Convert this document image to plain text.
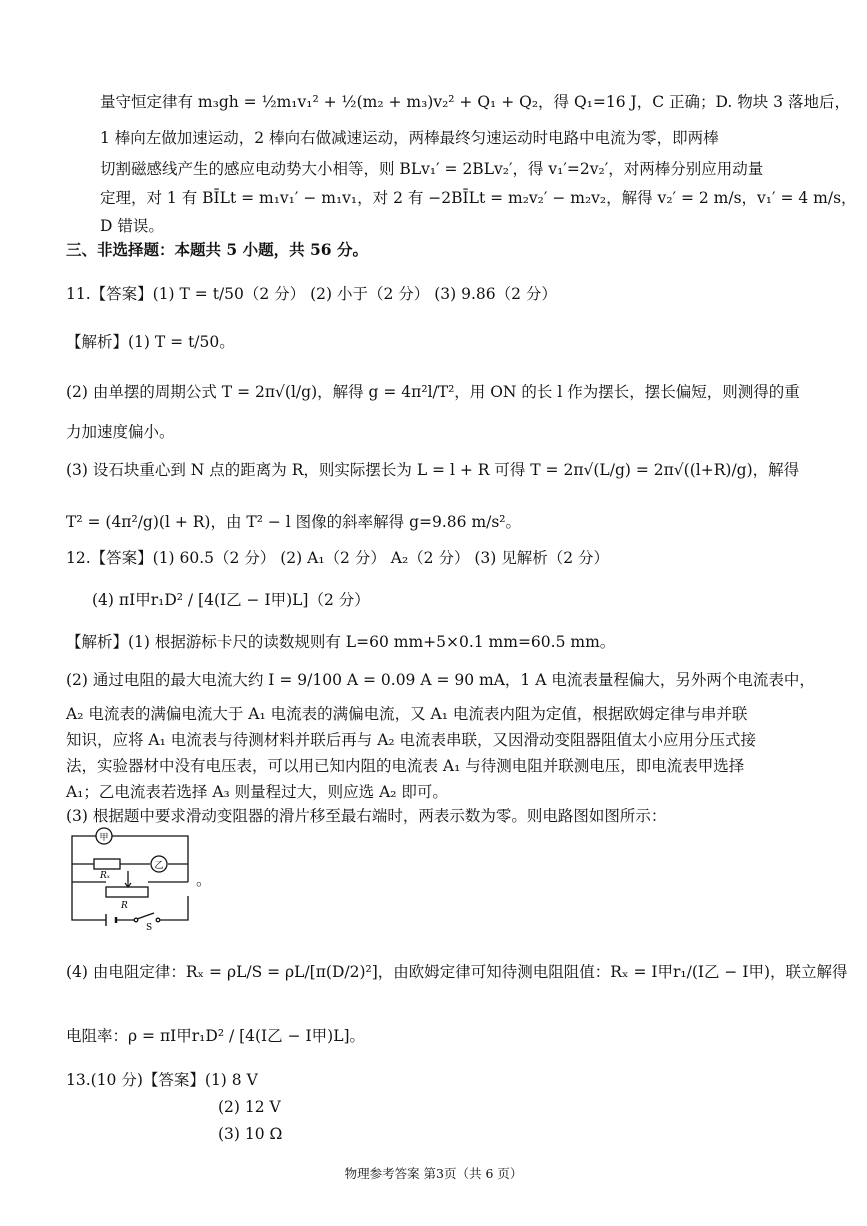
量守恒定律有 m₃gh = ½m₁v₁² + ½(m₂ + m₃)v₂² + Q₁ + Q₂，得 Q₁=16 J，C 正确；D. 物块 3 落地后，
1 棒向左做加速运动，2 棒向右做减速运动，两棒最终匀速运动时电路中电流为零，即两棒
切割磁感线产生的感应电动势大小相等，则 BLv₁′ = 2BLv₂′，得 v₁′=2v₂′，对两棒分别应用动量
定理，对 1 有 BĪLt = m₁v₁′ − m₁v₁，对 2 有 −2BĪLt = m₂v₂′ − m₂v₂，解得 v₂′ = 2 m/s，v₁′ = 4 m/s，
D 错误。
三、非选择题：本题共 5 小题，共 56 分。
11.【答案】(1) T = t/50（2 分） (2) 小于（2 分） (3) 9.86（2 分）
【解析】(1) T = t/50。
(2) 由单摆的周期公式 T = 2π√(l/g)，解得 g = 4π²l/T²，用 ON 的长 l 作为摆长，摆长偏短，则测得的重
力加速度偏小。
(3) 设石块重心到 N 点的距离为 R，则实际摆长为 L = l + R 可得 T = 2π√(L/g) = 2π√((l+R)/g)，解得
T² = (4π²/g)(l + R)，由 T² − l 图像的斜率解得 g=9.86 m/s²。
12.【答案】(1) 60.5（2 分） (2) A₁（2 分） A₂（2 分） (3) 见解析（2 分）
(4) πI甲r₁D² / [4(I乙 − I甲)L]（2 分）
【解析】(1) 根据游标卡尺的读数规则有 L=60 mm+5×0.1 mm=60.5 mm。
(2) 通过电阻的最大电流大约 I = 9/100 A = 0.09 A = 90 mA，1 A 电流表量程偏大，另外两个电流表中，
A₂ 电流表的满偏电流大于 A₁ 电流表的满偏电流，又 A₁ 电流表内阻为定值，根据欧姆定律与串并联
知识，应将 A₁ 电流表与待测材料并联后再与 A₂ 电流表串联，又因滑动变阻器阻值太小应用分压式接
法，实验器材中没有电压表，可以用已知内阻的电流表 A₁ 与待测电阻并联测电压，即电流表甲选择
A₁；乙电流表若选择 A₃ 则量程过大，则应选 A₂ 即可。
(3) 根据题中要求滑动变阻器的滑片移至最右端时，两表示数为零。则电路图如图所示：
甲
乙
Rₓ
R
S
。
(4) 由电阻定律：Rₓ = ρL/S = ρL/[π(D/2)²]，由欧姆定律可知待测电阻阻值：Rₓ = I甲r₁/(I乙 − I甲)，联立解得
电阻率：ρ = πI甲r₁D² / [4(I乙 − I甲)L]。
13.(10 分)【答案】(1) 8 V
(2) 12 V
(3) 10 Ω
物理参考答案 第3页（共 6 页）
